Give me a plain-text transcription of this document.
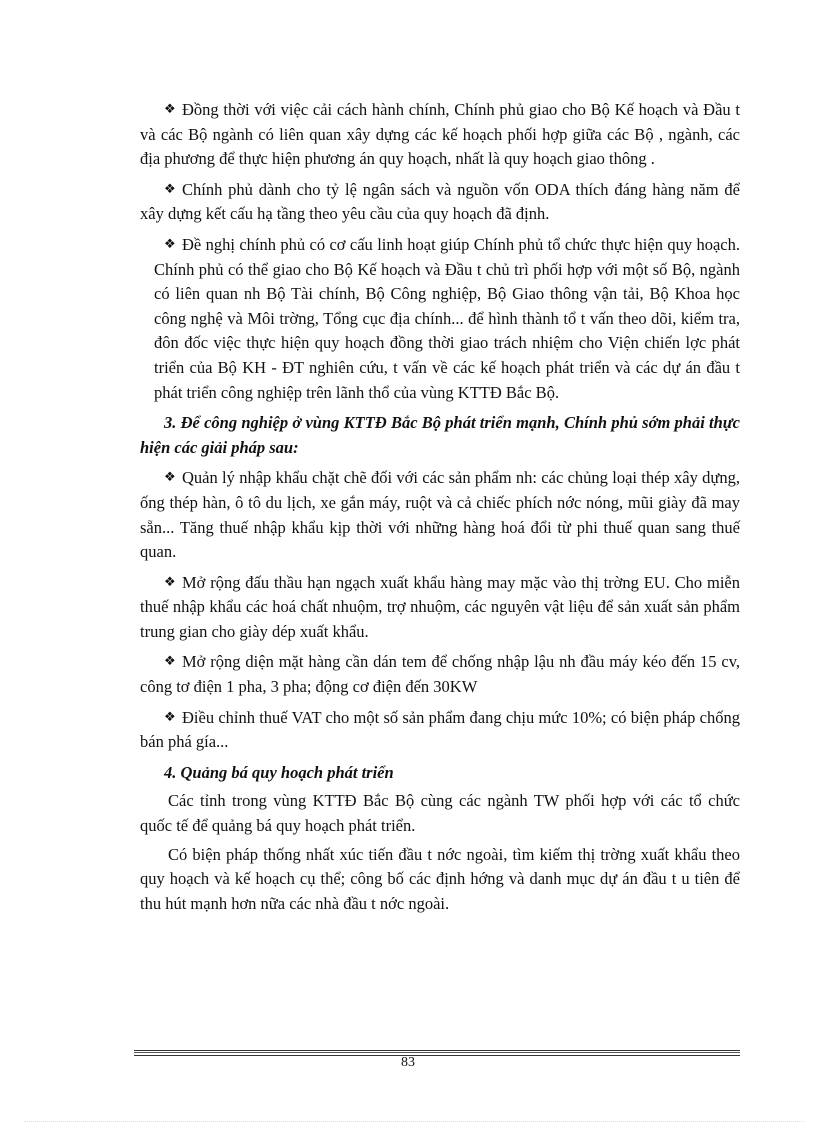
❖ Đồng thời với việc cải cách hành chính, Chính phủ giao cho Bộ Kế hoạch và Đầu t và các Bộ ngành có liên quan xây dựng các kế hoạch phối hợp giữa các Bộ , ngành, các địa phương để thực hiện phương án quy hoạch, nhất là quy hoạch giao thông .

❖ Chính phủ dành cho tỷ lệ ngân sách và nguồn vốn ODA thích đáng hàng năm để xây dựng kết cấu hạ tầng theo yêu cầu của quy hoạch đã định.

❖ Đề nghị chính phủ có cơ cấu linh hoạt giúp Chính phủ tổ chức thực hiện quy hoạch. Chính phủ có thể giao cho Bộ Kế hoạch và Đầu t chủ trì phối hợp với một số Bộ, ngành có liên quan nh Bộ Tài chính, Bộ Công nghiệp, Bộ Giao thông vận tải, Bộ Khoa học công nghệ và Môi trờng, Tổng cục địa chính... để hình thành tổ t vấn theo dõi, kiểm tra, đôn đốc việc thực hiện quy hoạch đồng thời giao trách nhiệm cho Viện chiến lợc phát triển của Bộ KH - ĐT nghiên cứu, t vấn về các kế hoạch phát triển và các dự án đầu t phát triển công nghiệp trên lãnh thổ của vùng KTTĐ Bắc Bộ.

3. Để công nghiệp ở vùng KTTĐ Bắc Bộ phát triển mạnh, Chính phủ sớm phải thực hiện các giải pháp sau:

❖ Quản lý nhập khẩu chặt chẽ đối với các sản phẩm nh: các chủng loại thép xây dựng, ống thép hàn, ô tô du lịch, xe gắn máy, ruột và cả chiếc phích nớc nóng, mũi giày đã may sẵn... Tăng thuế nhập khẩu kịp thời với những hàng hoá đổi từ phi thuế quan sang thuế quan.

❖ Mở rộng đấu thầu hạn ngạch xuất khẩu hàng may mặc vào thị trờng EU. Cho miễn thuế nhập khẩu các hoá chất nhuộm, trợ nhuộm, các nguyên vật liệu để sản xuất sản phẩm trung gian cho giày dép xuất khẩu.

❖ Mở rộng diện mặt hàng cần dán tem để chống nhập lậu nh đầu máy kéo đến 15 cv, công tơ điện 1 pha, 3 pha; động cơ điện đến 30KW

❖ Điều chỉnh thuế VAT cho một số sản phẩm đang chịu mức 10%; có biện pháp chống bán phá gía...

4. Quảng bá quy hoạch phát triển

Các tỉnh trong vùng KTTĐ Bắc Bộ cùng các ngành TW phối hợp với các tổ chức quốc tế để quảng bá quy hoạch phát triển.

Có biện pháp thống nhất xúc tiến đầu t nớc ngoài, tìm kiếm thị trờng xuất khẩu theo quy hoạch và kế hoạch cụ thể; công bố các định hớng và danh mục dự án đầu t u tiên để thu hút mạnh hơn nữa các nhà đầu t nớc ngoài.

83
